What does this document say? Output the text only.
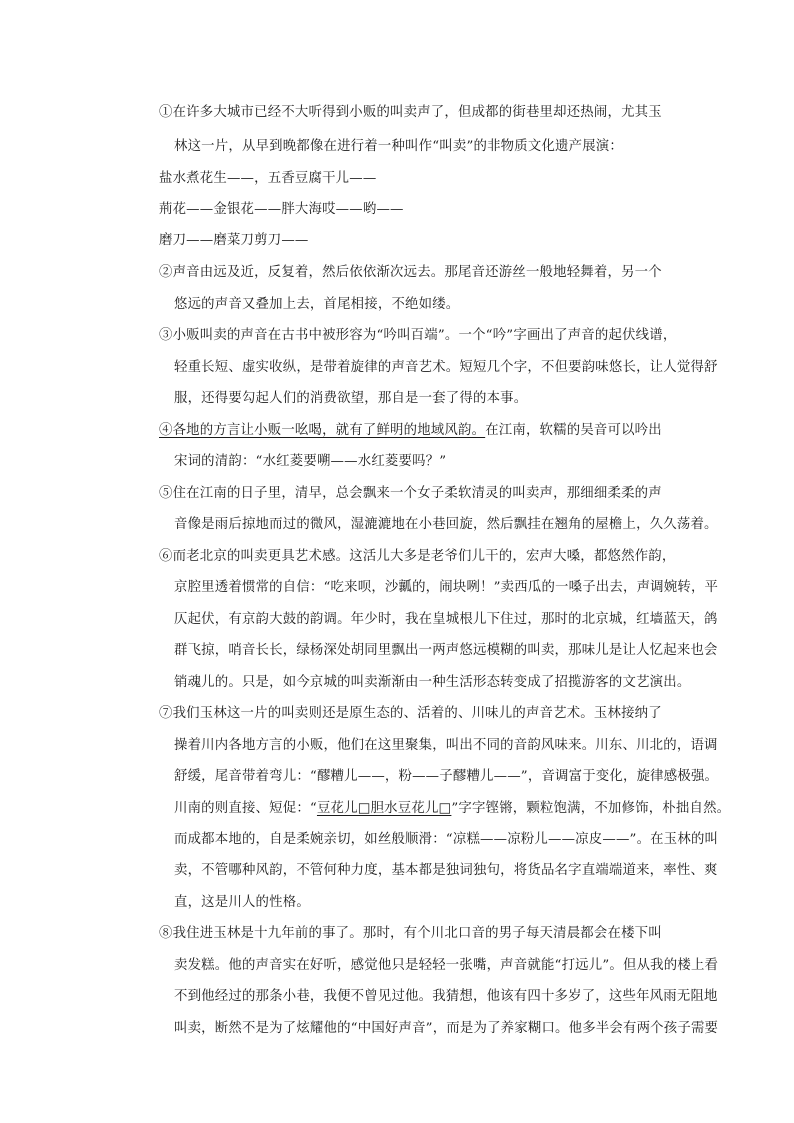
①在许多大城市已经不大听得到小贩的叫卖声了，但成都的街巷里却还热闹，尤其玉
林这一片，从早到晚都像在进行着一种叫作“叫卖”的非物质文化遗产展演：
盐水煮花生——，五香豆腐干儿——
荊花——金银花——胖大海哎——哟——
磨刀——磨菜刀剪刀——
②声音由远及近，反复着，然后依依渐次远去。那尾音还游丝一般地轻舞着，另一个
悠远的声音又叠加上去，首尾相接，不绝如缕。
③小贩叫卖的声音在古书中被形容为“吟叫百端”。一个“吟”字画出了声音的起伏线谱，
轻重长短、虚实收纵，是带着旋律的声音艺术。短短几个字，不但要韵味悠长，让人觉得舒
服，还得要勾起人们的消费欲望，那自是一套了得的本事。
④各地的方言让小贩一吆喝，就有了鲜明的地域风韵。在江南，软糯的吴音可以吟出
宋词的清韵：“水红菱要嗍——水红菱要吗？”
⑤住在江南的日子里，清早，总会飘来一个女子柔软清灵的叫卖声，那细细柔柔的声
音像是雨后掠地而过的微风，湿漉漉地在小巷回旋，然后飘挂在翘角的屋檐上，久久荡着。
⑥而老北京的叫卖更具艺术感。这活儿大多是老爷们儿干的，宏声大嗓，都悠然作韵，
京腔里透着惯常的自信：“吃来呗，沙瓤的，闹块咧！”卖西瓜的一嗓子出去，声调婉转，平
仄起伏，有京韵大鼓的韵调。年少时，我在皇城根儿下住过，那时的北京城，红墙蓝天，鸽
群飞掠，哨音长长，绿杨深处胡同里飘出一两声悠远模糊的叫卖，那味儿是让人忆起来也会
销魂儿的。只是，如今京城的叫卖渐渐由一种生活形态转变成了招揽游客的文艺演出。
⑦我们玉林这一片的叫卖则还是原生态的、活着的、川味儿的声音艺术。玉林接纳了
操着川内各地方言的小贩，他们在这里聚集，叫出不同的音韵风味来。川东、川北的，语调
舒缓，尾音带着弯儿：“醪糟儿——，粉——子醪糟儿——”，音调富于变化，旋律感极强。
川南的则直接、短促：“豆花儿□胆水豆花儿□”字字铿锵，颗粒饱满，不加修饰，朴拙自然。
而成都本地的，自是柔婉亲切，如丝般顺滑：“凉糕——凉粉儿——凉皮——”。在玉林的叫
卖，不管哪种风韵，不管何种力度，基本都是独词独句，将货品名字直端端道来，率性、爽
直，这是川人的性格。
⑧我住进玉林是十九年前的事了。那时，有个川北口音的男子每天清晨都会在楼下叫
卖发糕。他的声音实在好听，感觉他只是轻轻一张嘴，声音就能“打远儿”。但从我的楼上看
不到他经过的那条小巷，我便不曾见过他。我猜想，他该有四十多岁了，这些年风雨无阻地
叫卖，断然不是为了炫耀他的“中国好声音”，而是为了养家糊口。他多半会有两个孩子需要
